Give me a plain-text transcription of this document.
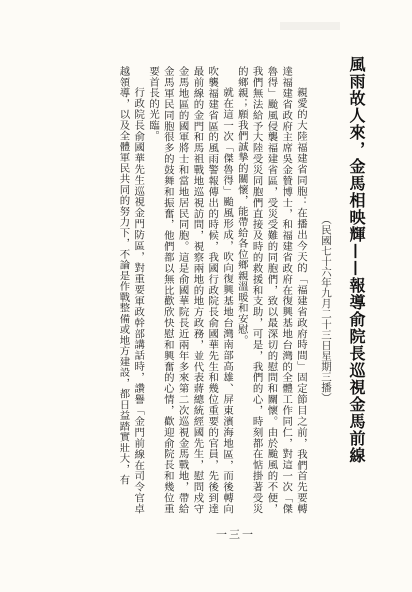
風雨故人來，金馬相映輝——報導俞院長巡視金馬前線
（民國七十六年九月二十三日星期三播）

親愛的大陸福建省同胞：在播出今天的「福建省政府時間」固定節目之前，我們首先要轉達福建省政府主席吳金贊博士，和福建省政府在復興基地台灣的全體工作同仁，對這一次「傑魯得」颱風侵襲福建省區，受災受難的同胞們，致以最深切的慰問和關懷。由於颱風的不便，我們無法給予大陸受災同胞們直接及時的救援和支助，可是，我們的心，時刻都在惦掛著受災的鄉親；願我們誠摯的關懷，能帶給各位鄉親溫暖和安慰。

就在這一次「傑魯得」颱風形成，吹向復興基地台灣南部高雄、屏東濱海地區，而後轉向吹襲福建省區的風雨警報傳出的時候，我國行政院長俞國華先生和幾位重要的官員，先後到達最前線的金門和馬祖戰地巡視訪問，視察兩地的地方政務，並代表蔣總統經國先生，慰問戍守金馬地區的國軍將士和當地居民同胞。這是俞國華院長近兩年多來第二次巡視金馬戰地，帶給金馬軍民同胞很多的鼓舞和振奮，他們都以無比歡欣快慰和興奮的心情，歡迎俞院長和幾位重要首長的光臨。

行政院長俞國華先生巡視金門防區，對重要軍政幹部講話時，讚譽「金門前線在司令官卓越領導，以及全體軍民共同的努力下，不論是作戰整備或地方建設，都日益踏實壯大，有

一三一
